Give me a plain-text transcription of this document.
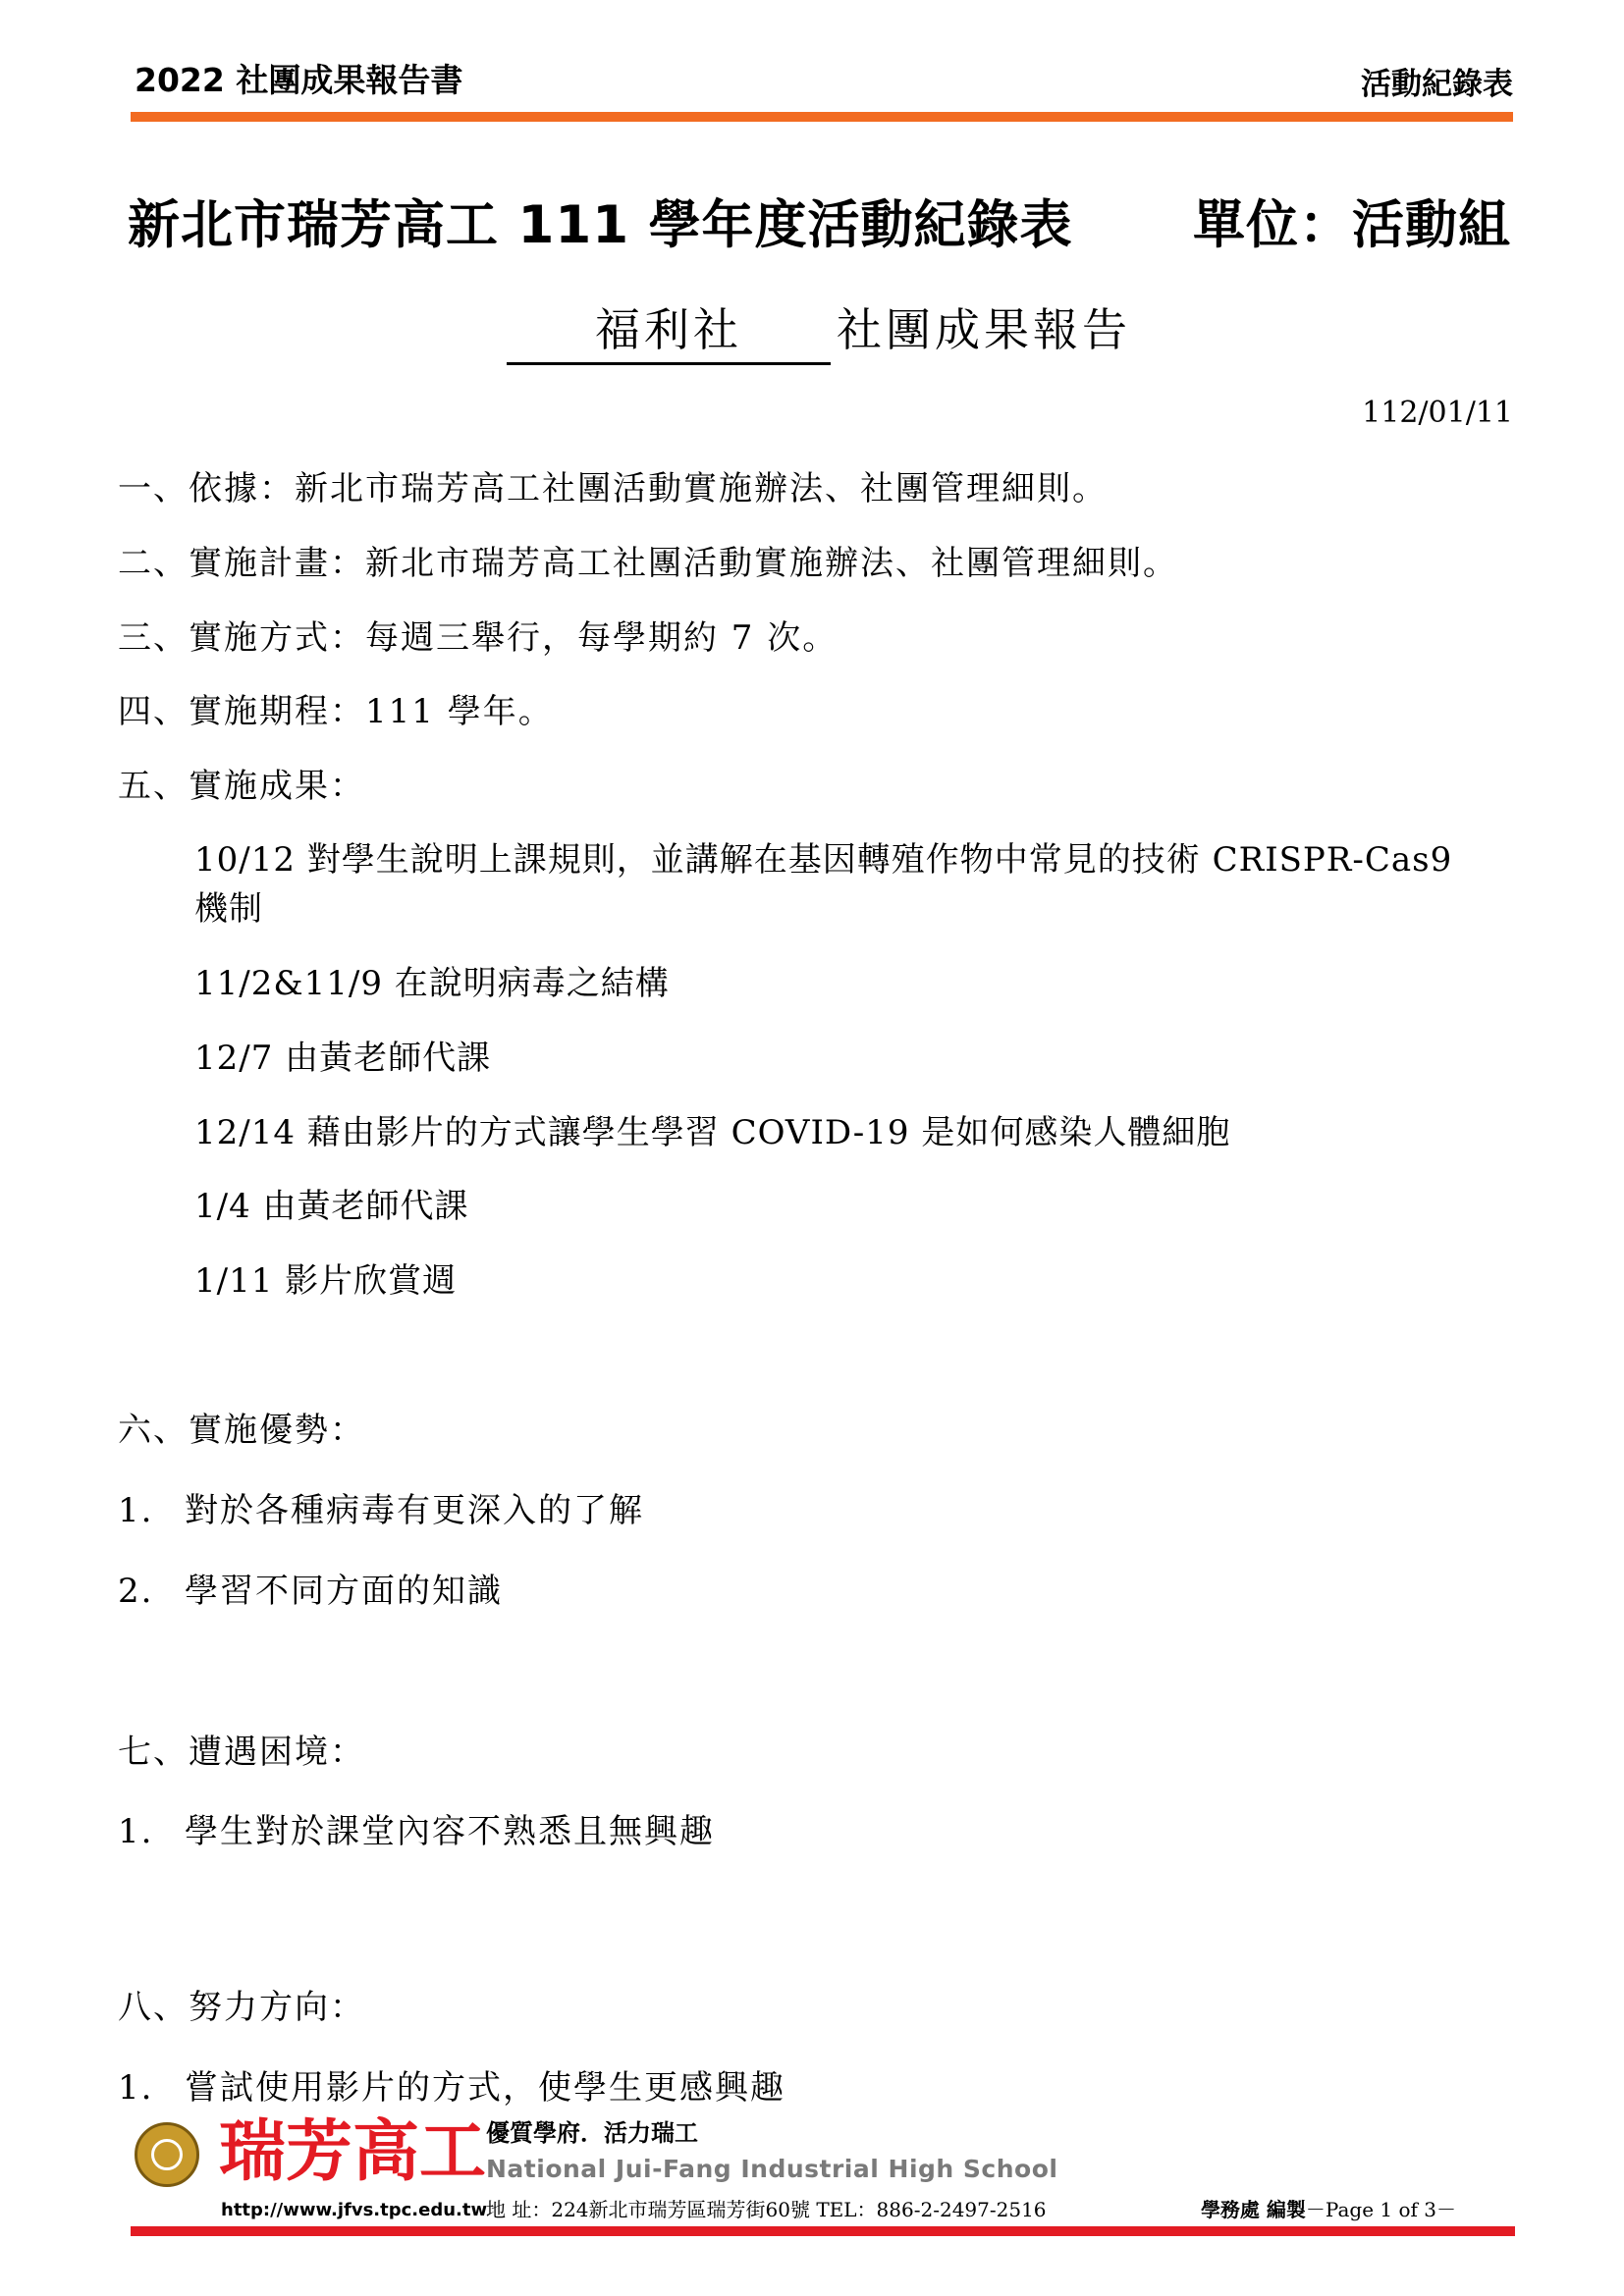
2022 社團成果報告書	活動紀錄表
新北市瑞芳高工 111 學年度活動紀錄表 單位：活動組
福利社 社團成果報告
112/01/11
一、依據：新北市瑞芳高工社團活動實施辦法、社團管理細則。
二、實施計畫：新北市瑞芳高工社團活動實施辦法、社團管理細則。
三、實施方式：每週三舉行，每學期約 7 次。
四、實施期程：111 學年。
五、實施成果：
10/12 對學生說明上課規則，並講解在基因轉殖作物中常見的技術 CRISPR-Cas9
機制
11/2&11/9 在說明病毒之結構
12/7 由黃老師代課
12/14 藉由影片的方式讓學生學習 COVID-19 是如何感染人體細胞
1/4 由黃老師代課
1/11 影片欣賞週
六、實施優勢：
1. 對於各種病毒有更深入的了解
2. 學習不同方面的知識
七、遭遇困境：
1. 學生對於課堂內容不熟悉且無興趣
八、努力方向：
1. 嘗試使用影片的方式，使學生更感興趣
瑞芳高工
http://www.jfvs.tpc.edu.tw
優質學府．活力瑞工
National Jui-Fang Industrial High School
地 址：224新北市瑞芳區瑞芳街60號 TEL：886-2-2497-2516	學務處 編製－Page 1 of 3－
